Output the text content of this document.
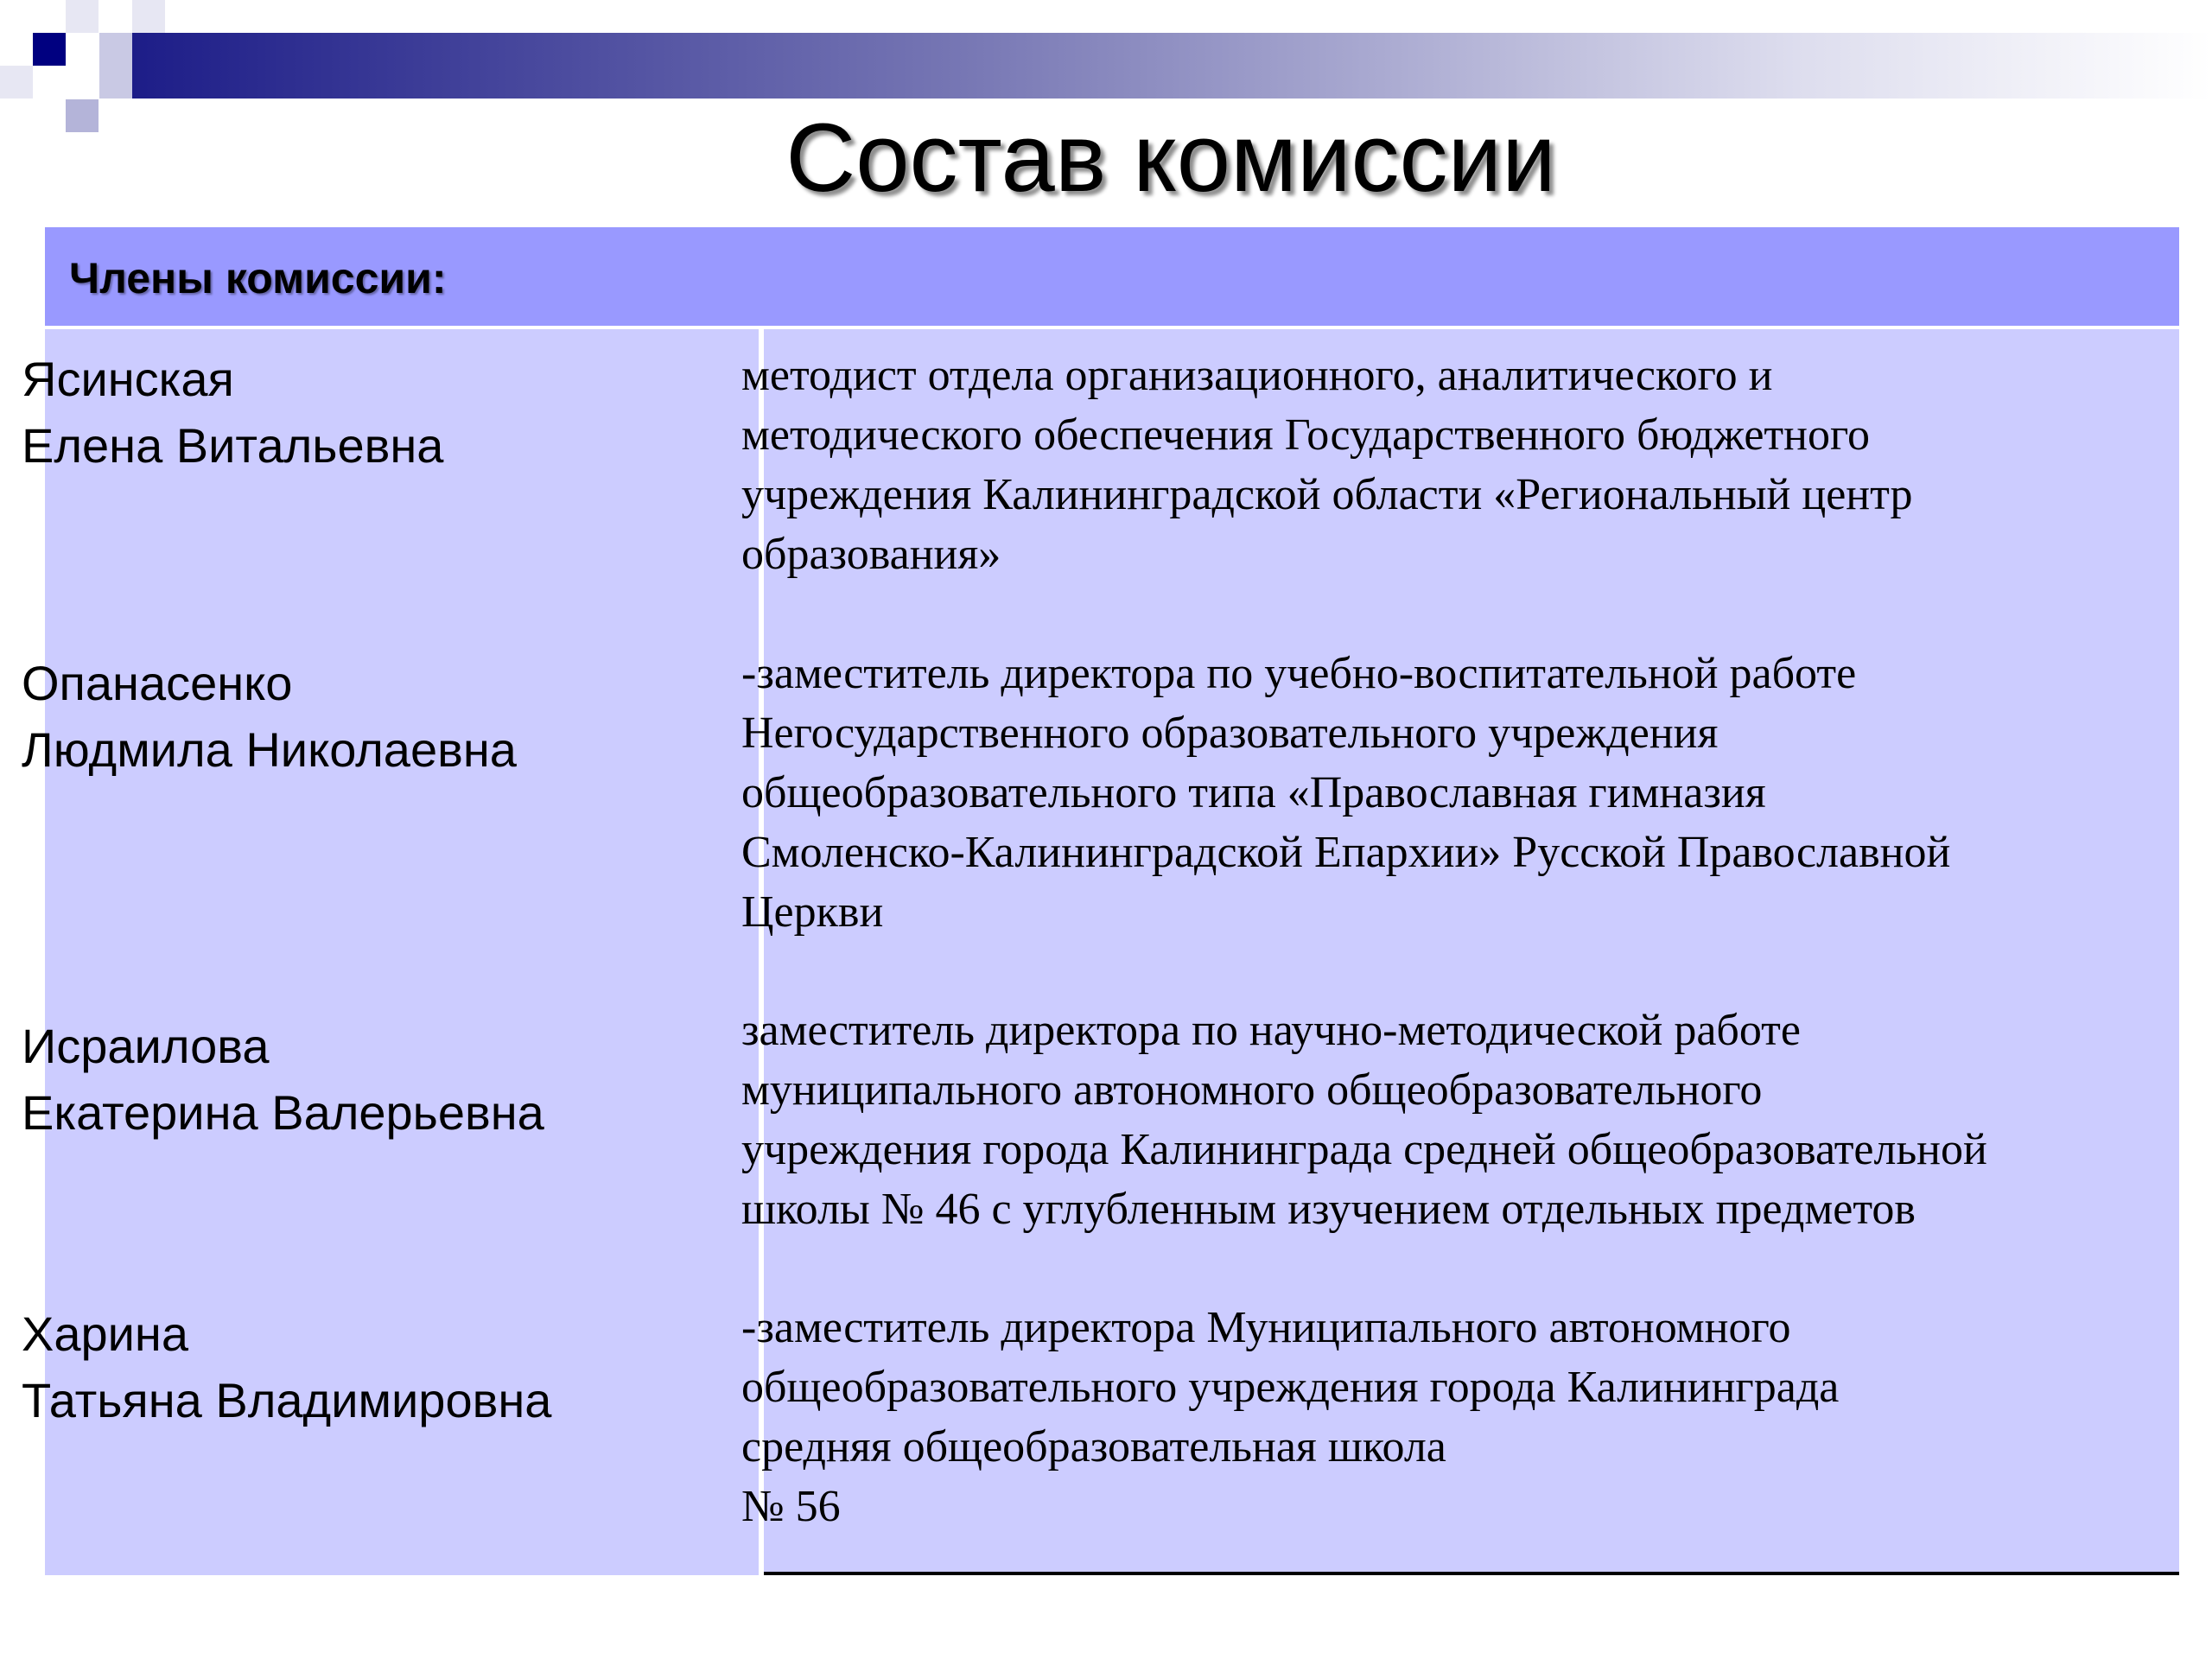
Состав комиссии
Члены комиссии:
Ясинская
Елена Витальевна
методист отдела организационного, аналитического и
методического обеспечения Государственного бюджетного
учреждения Калининградской области «Региональный центр
образования»
Опанасенко
Людмила Николаевна
-заместитель директора по учебно-воспитательной работе
Негосударственного образовательного учреждения
общеобразовательного типа «Православная гимназия
Смоленско-Калининградской Епархии» Русской Православной
Церкви
Исраилова
Екатерина Валерьевна
заместитель директора по научно-методической работе
муниципального автономного общеобразовательного
учреждения города Калининграда средней общеобразовательной
школы № 46 с углубленным изучением отдельных предметов
Харина
Татьяна Владимировна
-заместитель директора Муниципального автономного
общеобразовательного учреждения города Калининграда
средняя общеобразовательная школа
№ 56
